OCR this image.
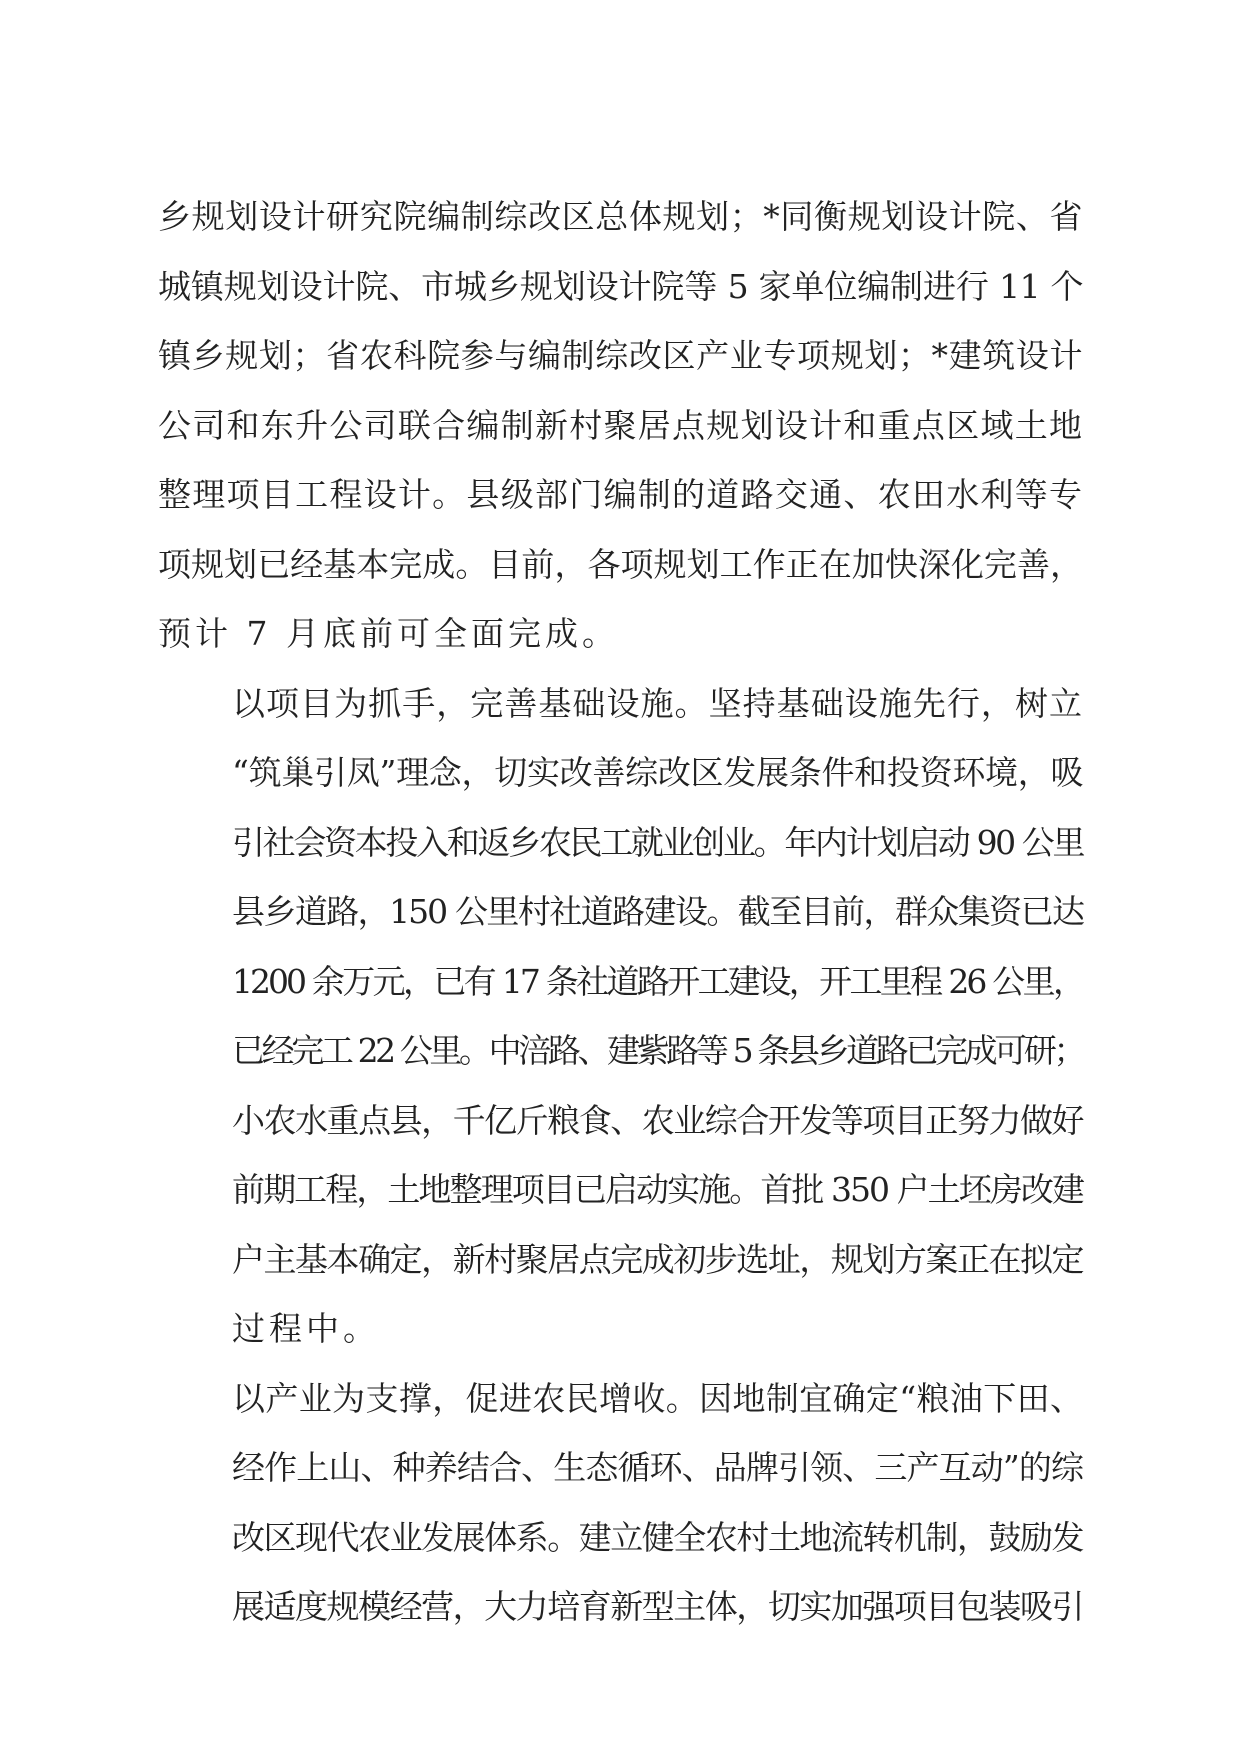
乡规划设计研究院编制综改区总体规划；*同衡规划设计院、省
城镇规划设计院、市城乡规划设计院等 5 家单位编制进行 11 个
镇乡规划；省农科院参与编制综改区产业专项规划；*建筑设计
公司和东升公司联合编制新村聚居点规划设计和重点区域土地
整理项目工程设计。县级部门编制的道路交通、农田水利等专
项规划已经基本完成。目前，各项规划工作正在加快深化完善，
预计 7 月底前可全面完成。

以项目为抓手，完善基础设施。坚持基础设施先行，树立
“筑巢引凤”理念，切实改善综改区发展条件和投资环境，吸
引社会资本投入和返乡农民工就业创业。年内计划启动 90 公里
县乡道路，150 公里村社道路建设。截至目前，群众集资已达
1200 余万元，已有 17 条社道路开工建设，开工里程 26 公里，
已经完工 22 公里。中涪路、建紫路等 5 条县乡道路已完成可研；
小农水重点县，千亿斤粮食、农业综合开发等项目正努力做好
前期工程，土地整理项目已启动实施。首批 350 户土坯房改建
户主基本确定，新村聚居点完成初步选址，规划方案正在拟定
过程中。

以产业为支撑，促进农民增收。因地制宜确定“粮油下田、
经作上山、种养结合、生态循环、品牌引领、三产互动”的综
改区现代农业发展体系。建立健全农村土地流转机制，鼓励发
展适度规模经营，大力培育新型主体，切实加强项目包装吸引
